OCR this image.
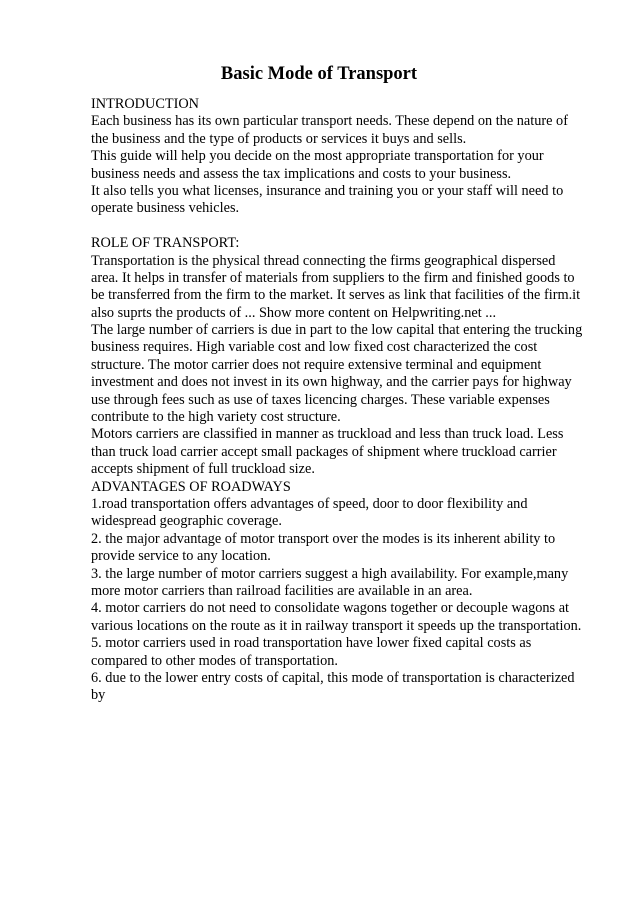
Basic Mode of Transport
INTRODUCTION
Each business has its own particular transport needs. These depend on the nature of
the business and the type of products or services it buys and sells.
This guide will help you decide on the most appropriate transportation for your
business needs and assess the tax implications and costs to your business.
It also tells you what licenses, insurance and training you or your staff will need to
operate business vehicles.
ROLE OF TRANSPORT:
Transportation is the physical thread connecting the firms geographical dispersed
area. It helps in transfer of materials from suppliers to the firm and finished goods to
be transferred from the firm to the market. It serves as link that facilities of the firm.it
also suprts the products of ... Show more content on Helpwriting.net ...
The large number of carriers is due in part to the low capital that entering the trucking
business requires. High variable cost and low fixed cost characterized the cost
structure. The motor carrier does not require extensive terminal and equipment
investment and does not invest in its own highway, and the carrier pays for highway
use through fees such as use of taxes licencing charges. These variable expenses
contribute to the high variety cost structure.
Motors carriers are classified in manner as truckload and less than truck load. Less
than truck load carrier accept small packages of shipment where truckload carrier
accepts shipment of full truckload size.
ADVANTAGES OF ROADWAYS
1.road transportation offers advantages of speed, door to door flexibility and
widespread geographic coverage.
2. the major advantage of motor transport over the modes is its inherent ability to
provide service to any location.
3. the large number of motor carriers suggest a high availability. For example,many
more motor carriers than railroad facilities are available in an area.
4. motor carriers do not need to consolidate wagons together or decouple wagons at
various locations on the route as it in railway transport it speeds up the transportation.
5. motor carriers used in road transportation have lower fixed capital costs as
compared to other modes of transportation.
6. due to the lower entry costs of capital, this mode of transportation is characterized
by
